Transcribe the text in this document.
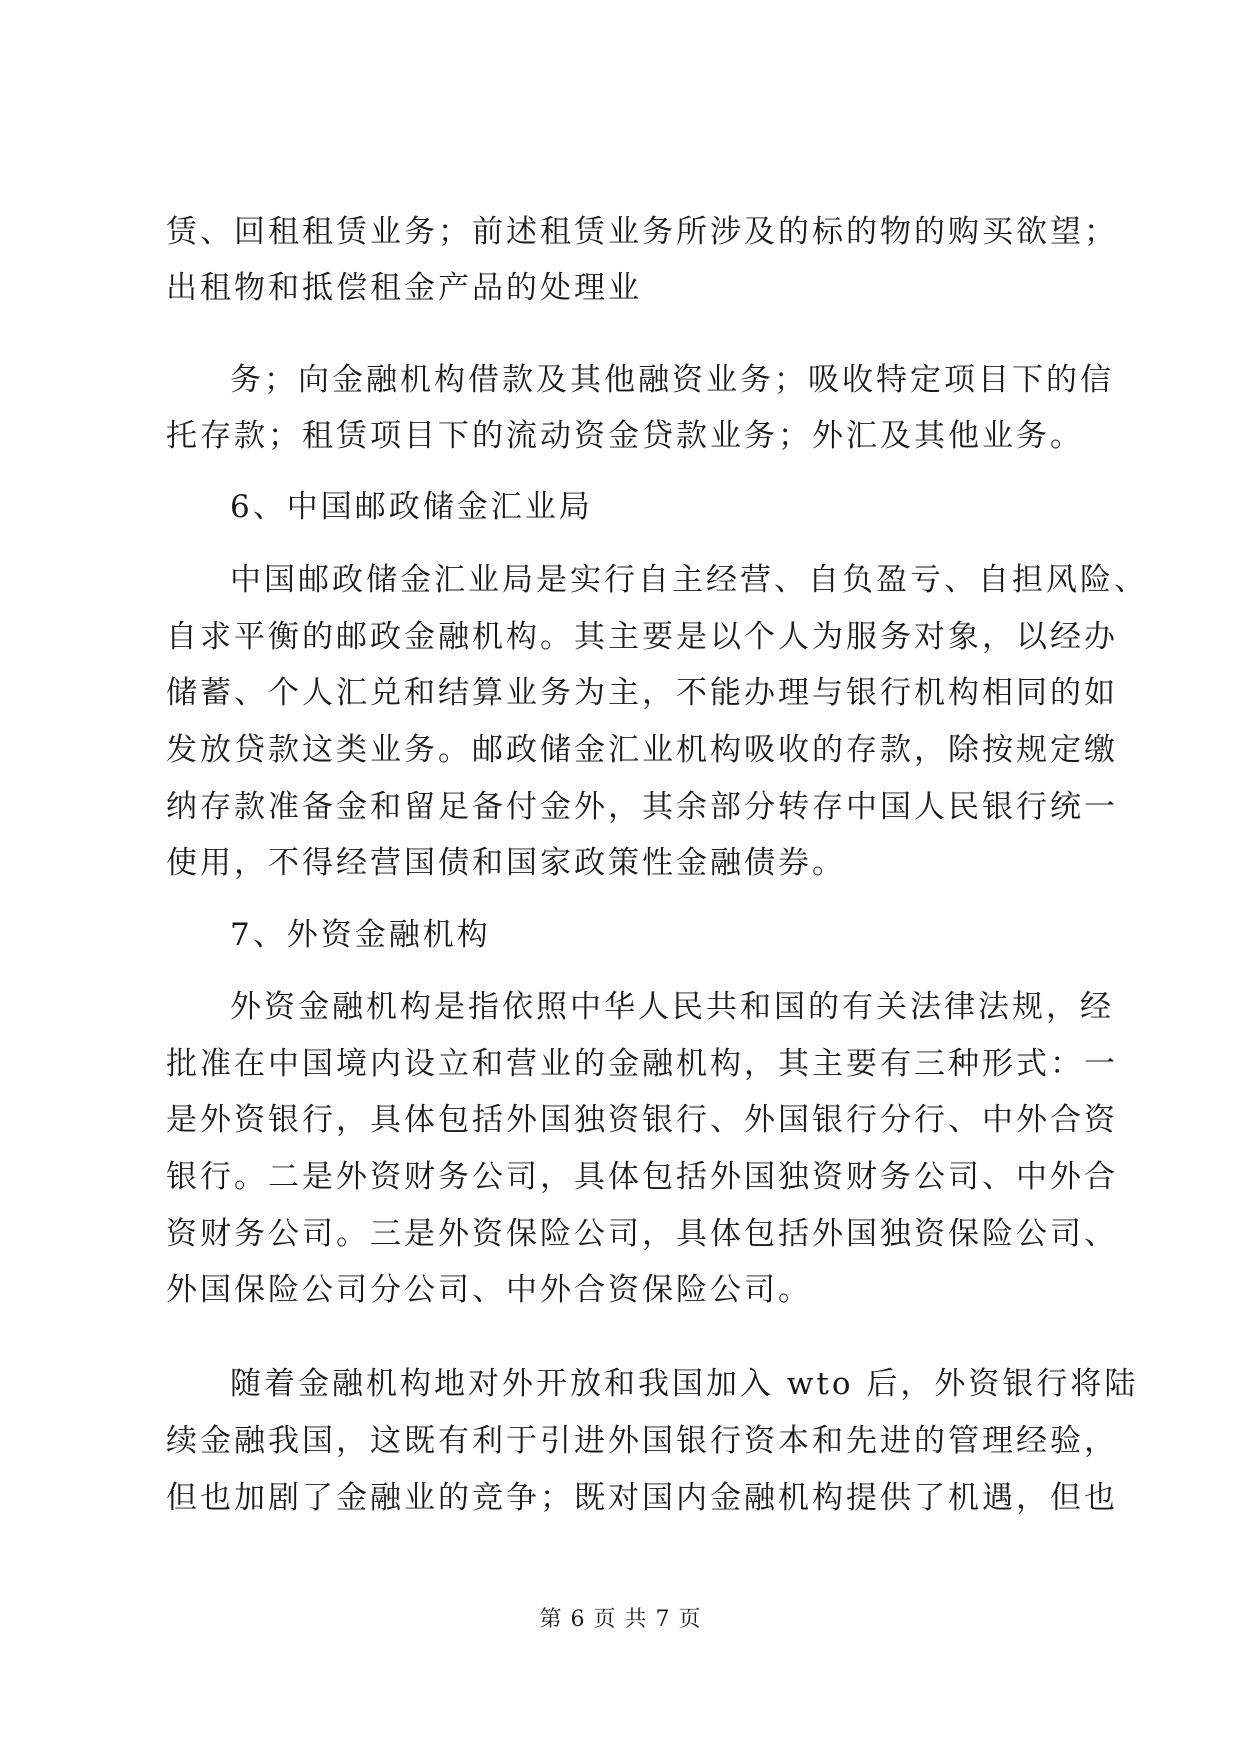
赁、回租租赁业务；前述租赁业务所涉及的标的物的购买欲望；
出租物和抵偿租金产品的处理业
务；向金融机构借款及其他融资业务；吸收特定项目下的信
托存款；租赁项目下的流动资金贷款业务；外汇及其他业务。
6、中国邮政储金汇业局
中国邮政储金汇业局是实行自主经营、自负盈亏、自担风险、
自求平衡的邮政金融机构。其主要是以个人为服务对象，以经办
储蓄、个人汇兑和结算业务为主，不能办理与银行机构相同的如
发放贷款这类业务。邮政储金汇业机构吸收的存款，除按规定缴
纳存款准备金和留足备付金外，其余部分转存中国人民银行统一
使用，不得经营国债和国家政策性金融债券。
7、外资金融机构
外资金融机构是指依照中华人民共和国的有关法律法规，经
批准在中国境内设立和营业的金融机构，其主要有三种形式：一
是外资银行，具体包括外国独资银行、外国银行分行、中外合资
银行。二是外资财务公司，具体包括外国独资财务公司、中外合
资财务公司。三是外资保险公司，具体包括外国独资保险公司、
外国保险公司分公司、中外合资保险公司。
随着金融机构地对外开放和我国加入 wto 后，外资银行将陆
续金融我国，这既有利于引进外国银行资本和先进的管理经验，
但也加剧了金融业的竞争；既对国内金融机构提供了机遇，但也
第 6 页 共 7 页
